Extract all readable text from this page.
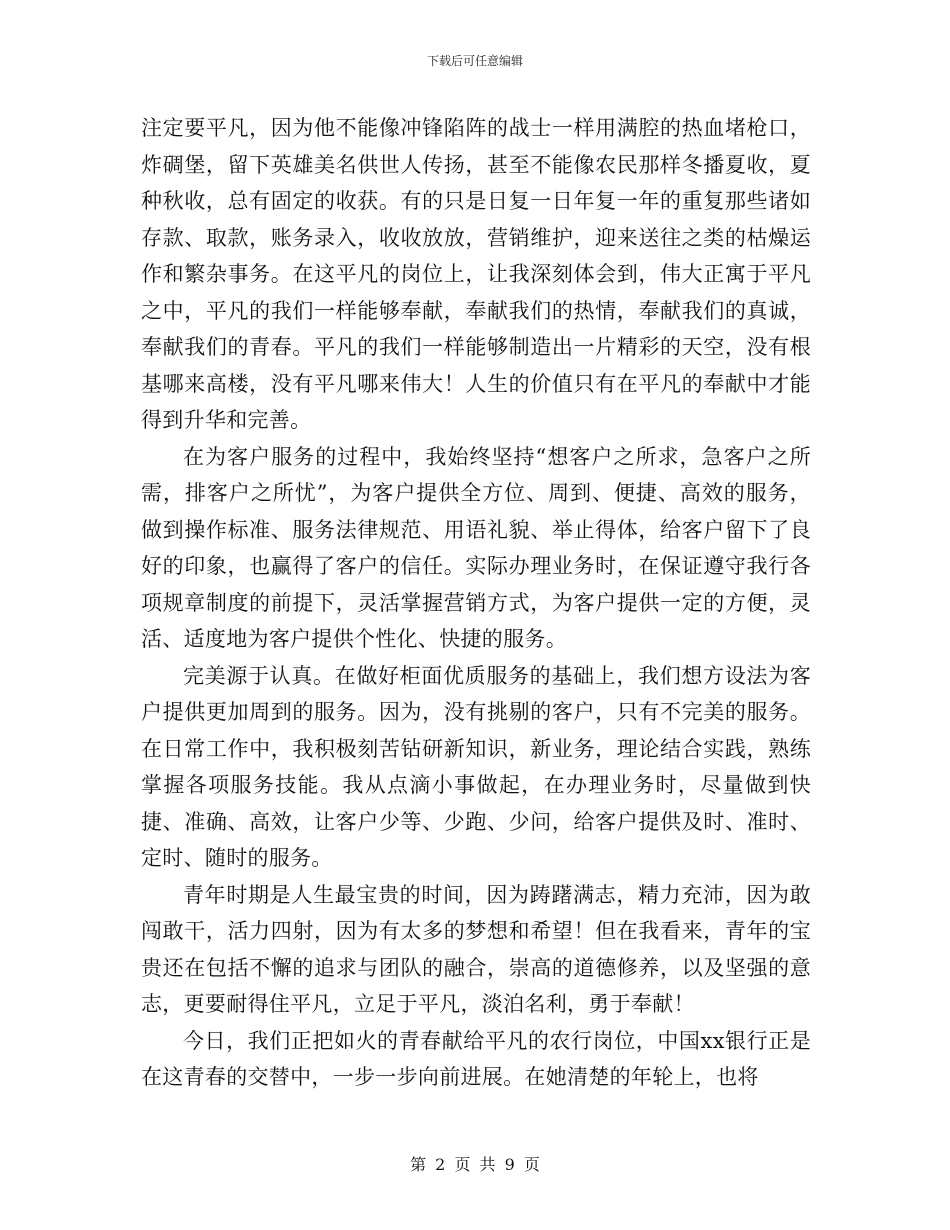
下载后可任意编辑

注定要平凡，因为他不能像冲锋陷阵的战士一样用满腔的热血堵枪口，炸碉堡，留下英雄美名供世人传扬，甚至不能像农民那样冬播夏收，夏种秋收，总有固定的收获。有的只是日复一日年复一年的重复那些诸如存款、取款，账务录入，收收放放，营销维护，迎来送往之类的枯燥运作和繁杂事务。在这平凡的岗位上，让我深刻体会到，伟大正寓于平凡之中，平凡的我们一样能够奉献，奉献我们的热情，奉献我们的真诚，奉献我们的青春。平凡的我们一样能够制造出一片精彩的天空，没有根基哪来高楼，没有平凡哪来伟大！人生的价值只有在平凡的奉献中才能得到升华和完善。

在为客户服务的过程中，我始终坚持“想客户之所求，急客户之所需，排客户之所忧”，为客户提供全方位、周到、便捷、高效的服务，做到操作标准、服务法律规范、用语礼貌、举止得体，给客户留下了良好的印象，也赢得了客户的信任。实际办理业务时，在保证遵守我行各项规章制度的前提下，灵活掌握营销方式，为客户提供一定的方便，灵活、适度地为客户提供个性化、快捷的服务。

完美源于认真。在做好柜面优质服务的基础上，我们想方设法为客户提供更加周到的服务。因为，没有挑剔的客户，只有不完美的服务。在日常工作中，我积极刻苦钻研新知识，新业务，理论结合实践，熟练掌握各项服务技能。我从点滴小事做起，在办理业务时，尽量做到快捷、准确、高效，让客户少等、少跑、少问，给客户提供及时、准时、定时、随时的服务。

青年时期是人生最宝贵的时间，因为踌躇满志，精力充沛，因为敢闯敢干，活力四射，因为有太多的梦想和希望！但在我看来，青年的宝贵还在包括不懈的追求与团队的融合，崇高的道德修养，以及坚强的意志，更要耐得住平凡，立足于平凡，淡泊名利，勇于奉献！

今日，我们正把如火的青春献给平凡的农行岗位，中国xx银行正是在这青春的交替中，一步一步向前进展。在她清楚的年轮上，也将

第 2 页 共 9 页
